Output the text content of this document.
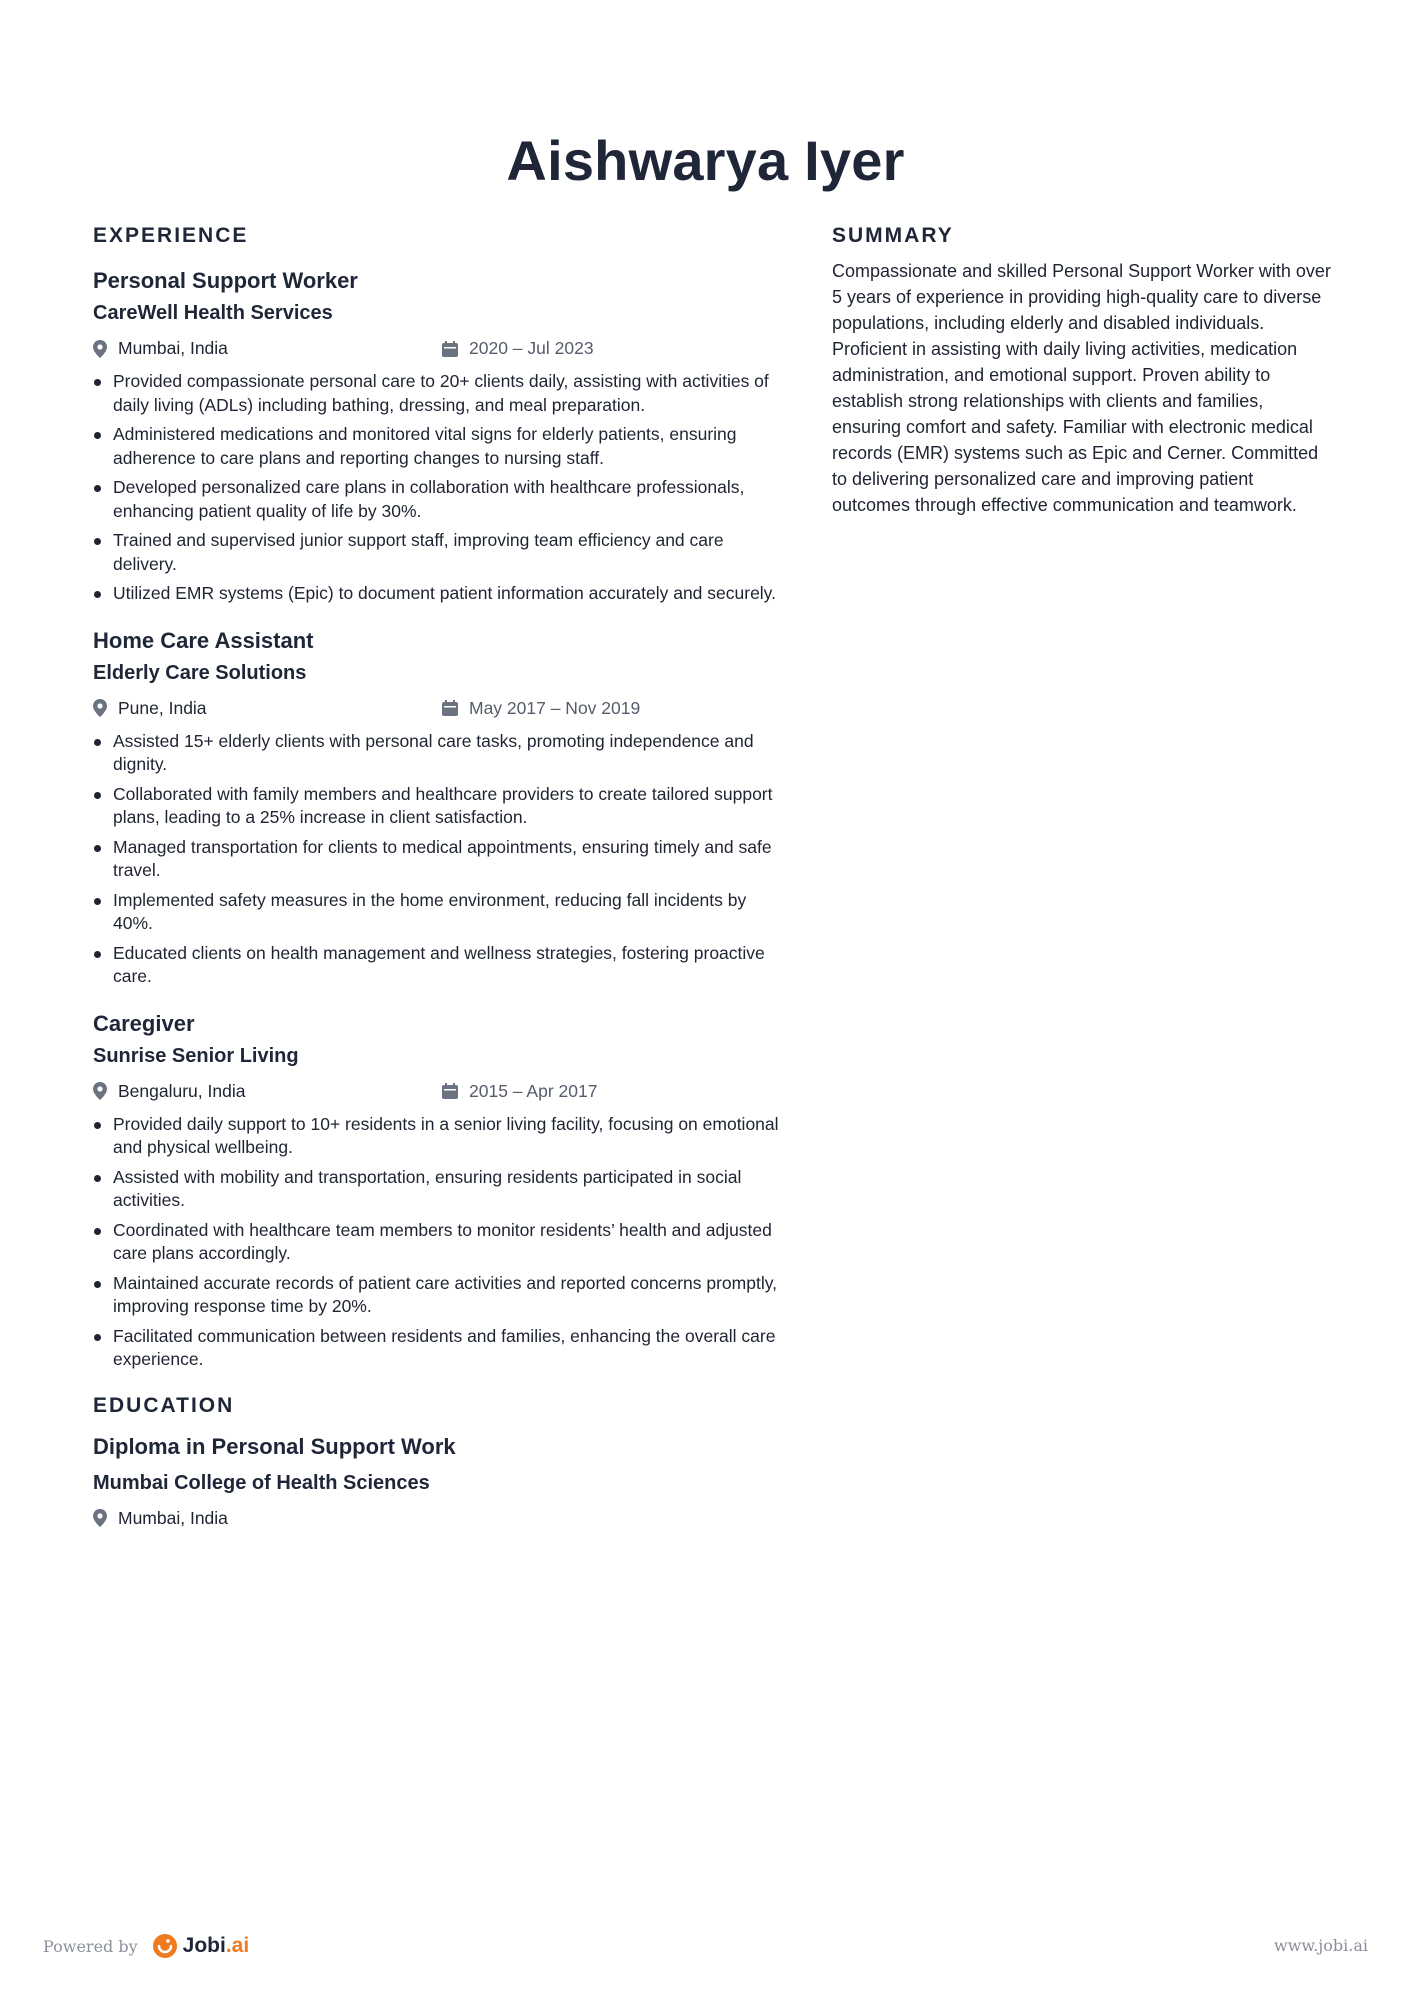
Aishwarya Iyer
EXPERIENCE

Personal Support Worker

CareWell Health Services

Mumbai, India	2020 – Jul 2023
Provided compassionate personal care to 20+ clients daily, assisting with activities of daily living (ADLs) including bathing, dressing, and meal preparation.
Administered medications and monitored vital signs for elderly patients, ensuring adherence to care plans and reporting changes to nursing staff.
Developed personalized care plans in collaboration with healthcare professionals, enhancing patient quality of life by 30%.
Trained and supervised junior support staff, improving team efficiency and care delivery.
Utilized EMR systems (Epic) to document patient information accurately and securely.

Home Care Assistant

Elderly Care Solutions

Pune, India	May 2017 – Nov 2019
Assisted 15+ elderly clients with personal care tasks, promoting independence and dignity.
Collaborated with family members and healthcare providers to create tailored support plans, leading to a 25% increase in client satisfaction.
Managed transportation for clients to medical appointments, ensuring timely and safe travel.
Implemented safety measures in the home environment, reducing fall incidents by 40%.
Educated clients on health management and wellness strategies, fostering proactive care.

Caregiver

Sunrise Senior Living

Bengaluru, India	2015 – Apr 2017
Provided daily support to 10+ residents in a senior living facility, focusing on emotional and physical wellbeing.
Assisted with mobility and transportation, ensuring residents participated in social activities.
Coordinated with healthcare team members to monitor residents’ health and adjusted care plans accordingly.
Maintained accurate records of patient care activities and reported concerns promptly, improving response time by 20%.
Facilitated communication between residents and families, enhancing the overall care experience.
EDUCATION

Diploma in Personal Support Work

Mumbai College of Health Sciences

Mumbai, India
SUMMARY

Compassionate and skilled Personal Support Worker with over 5 years of experience in providing high-quality care to diverse populations, including elderly and disabled individuals. Proficient in assisting with daily living activities, medication administration, and emotional support. Proven ability to establish strong relationships with clients and families, ensuring comfort and safety. Familiar with electronic medical records (EMR) systems such as Epic and Cerner. Committed to delivering personalized care and improving patient outcomes through effective communication and teamwork.

Powered by Jobi.ai	www.jobi.ai
